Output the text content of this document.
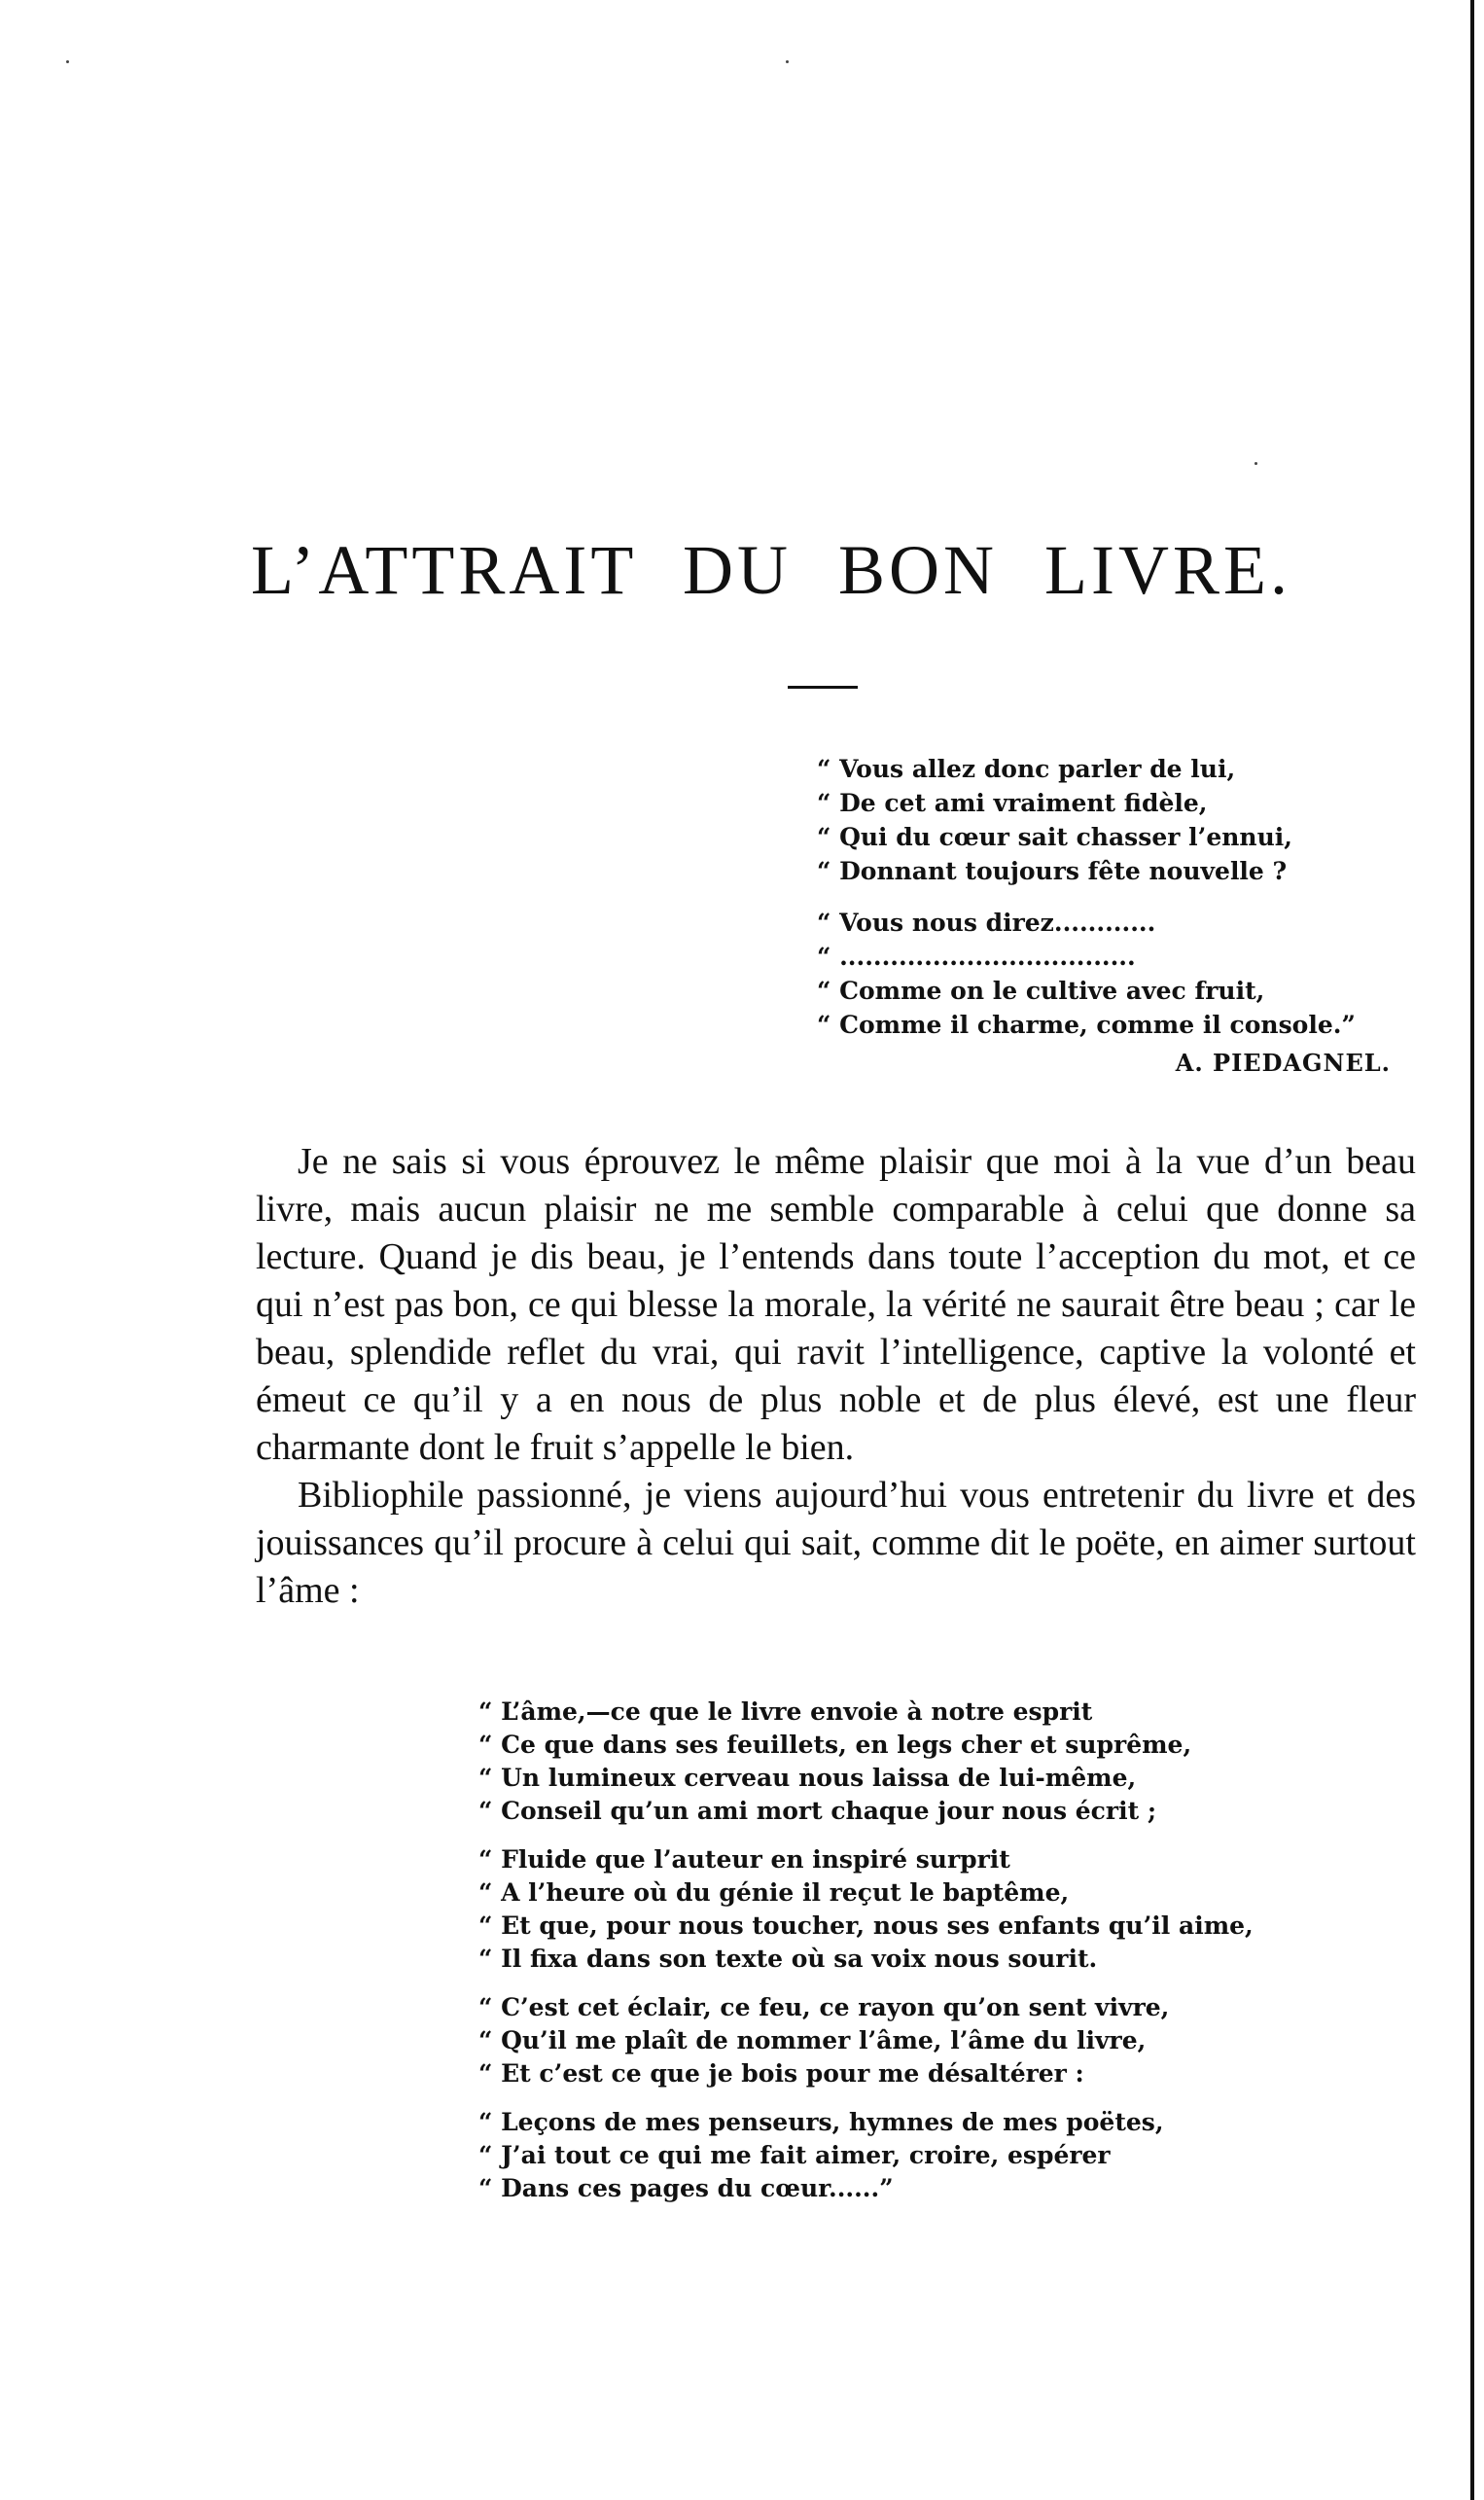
L’ATTRAIT DU BON LIVRE.
“ Vous allez donc parler de lui,
“ De cet ami vraiment fidèle,
“ Qui du cœur sait chasser l’ennui,
“ Donnant toujours fête nouvelle ?
“ Vous nous direz............
“ ...................................
“ Comme on le cultive avec fruit,
“ Comme il charme, comme il console.”
A. PIEDAGNEL.

Je ne sais si vous éprouvez le même plaisir que moi à la vue d’un beau livre, mais aucun plaisir ne me semble comparable à celui que donne sa lecture. Quand je dis beau, je l’entends dans toute l’acception du mot, et ce qui n’est pas bon, ce qui blesse la morale, la vérité ne saurait être beau ; car le beau, splendide reflet du vrai, qui ravit l’intelligence, captive la volonté et émeut ce qu’il y a en nous de plus noble et de plus élevé, est une fleur charmante dont le fruit s’appelle le bien.

Bibliophile passionné, je viens aujourd’hui vous entretenir du livre et des jouissances qu’il procure à celui qui sait, comme dit le poëte, en aimer surtout l’âme :

“ L’âme,—ce que le livre envoie à notre esprit
“ Ce que dans ses feuillets, en legs cher et suprême,
“ Un lumineux cerveau nous laissa de lui-même,
“ Conseil qu’un ami mort chaque jour nous écrit ;
“ Fluide que l’auteur en inspiré surprit
“ A l’heure où du génie il reçut le baptême,
“ Et que, pour nous toucher, nous ses enfants qu’il aime,
“ Il fixa dans son texte où sa voix nous sourit.
“ C’est cet éclair, ce feu, ce rayon qu’on sent vivre,
“ Qu’il me plaît de nommer l’âme, l’âme du livre,
“ Et c’est ce que je bois pour me désaltérer :
“ Leçons de mes penseurs, hymnes de mes poëtes,
“ J’ai tout ce qui me fait aimer, croire, espérer
“ Dans ces pages du cœur......”
